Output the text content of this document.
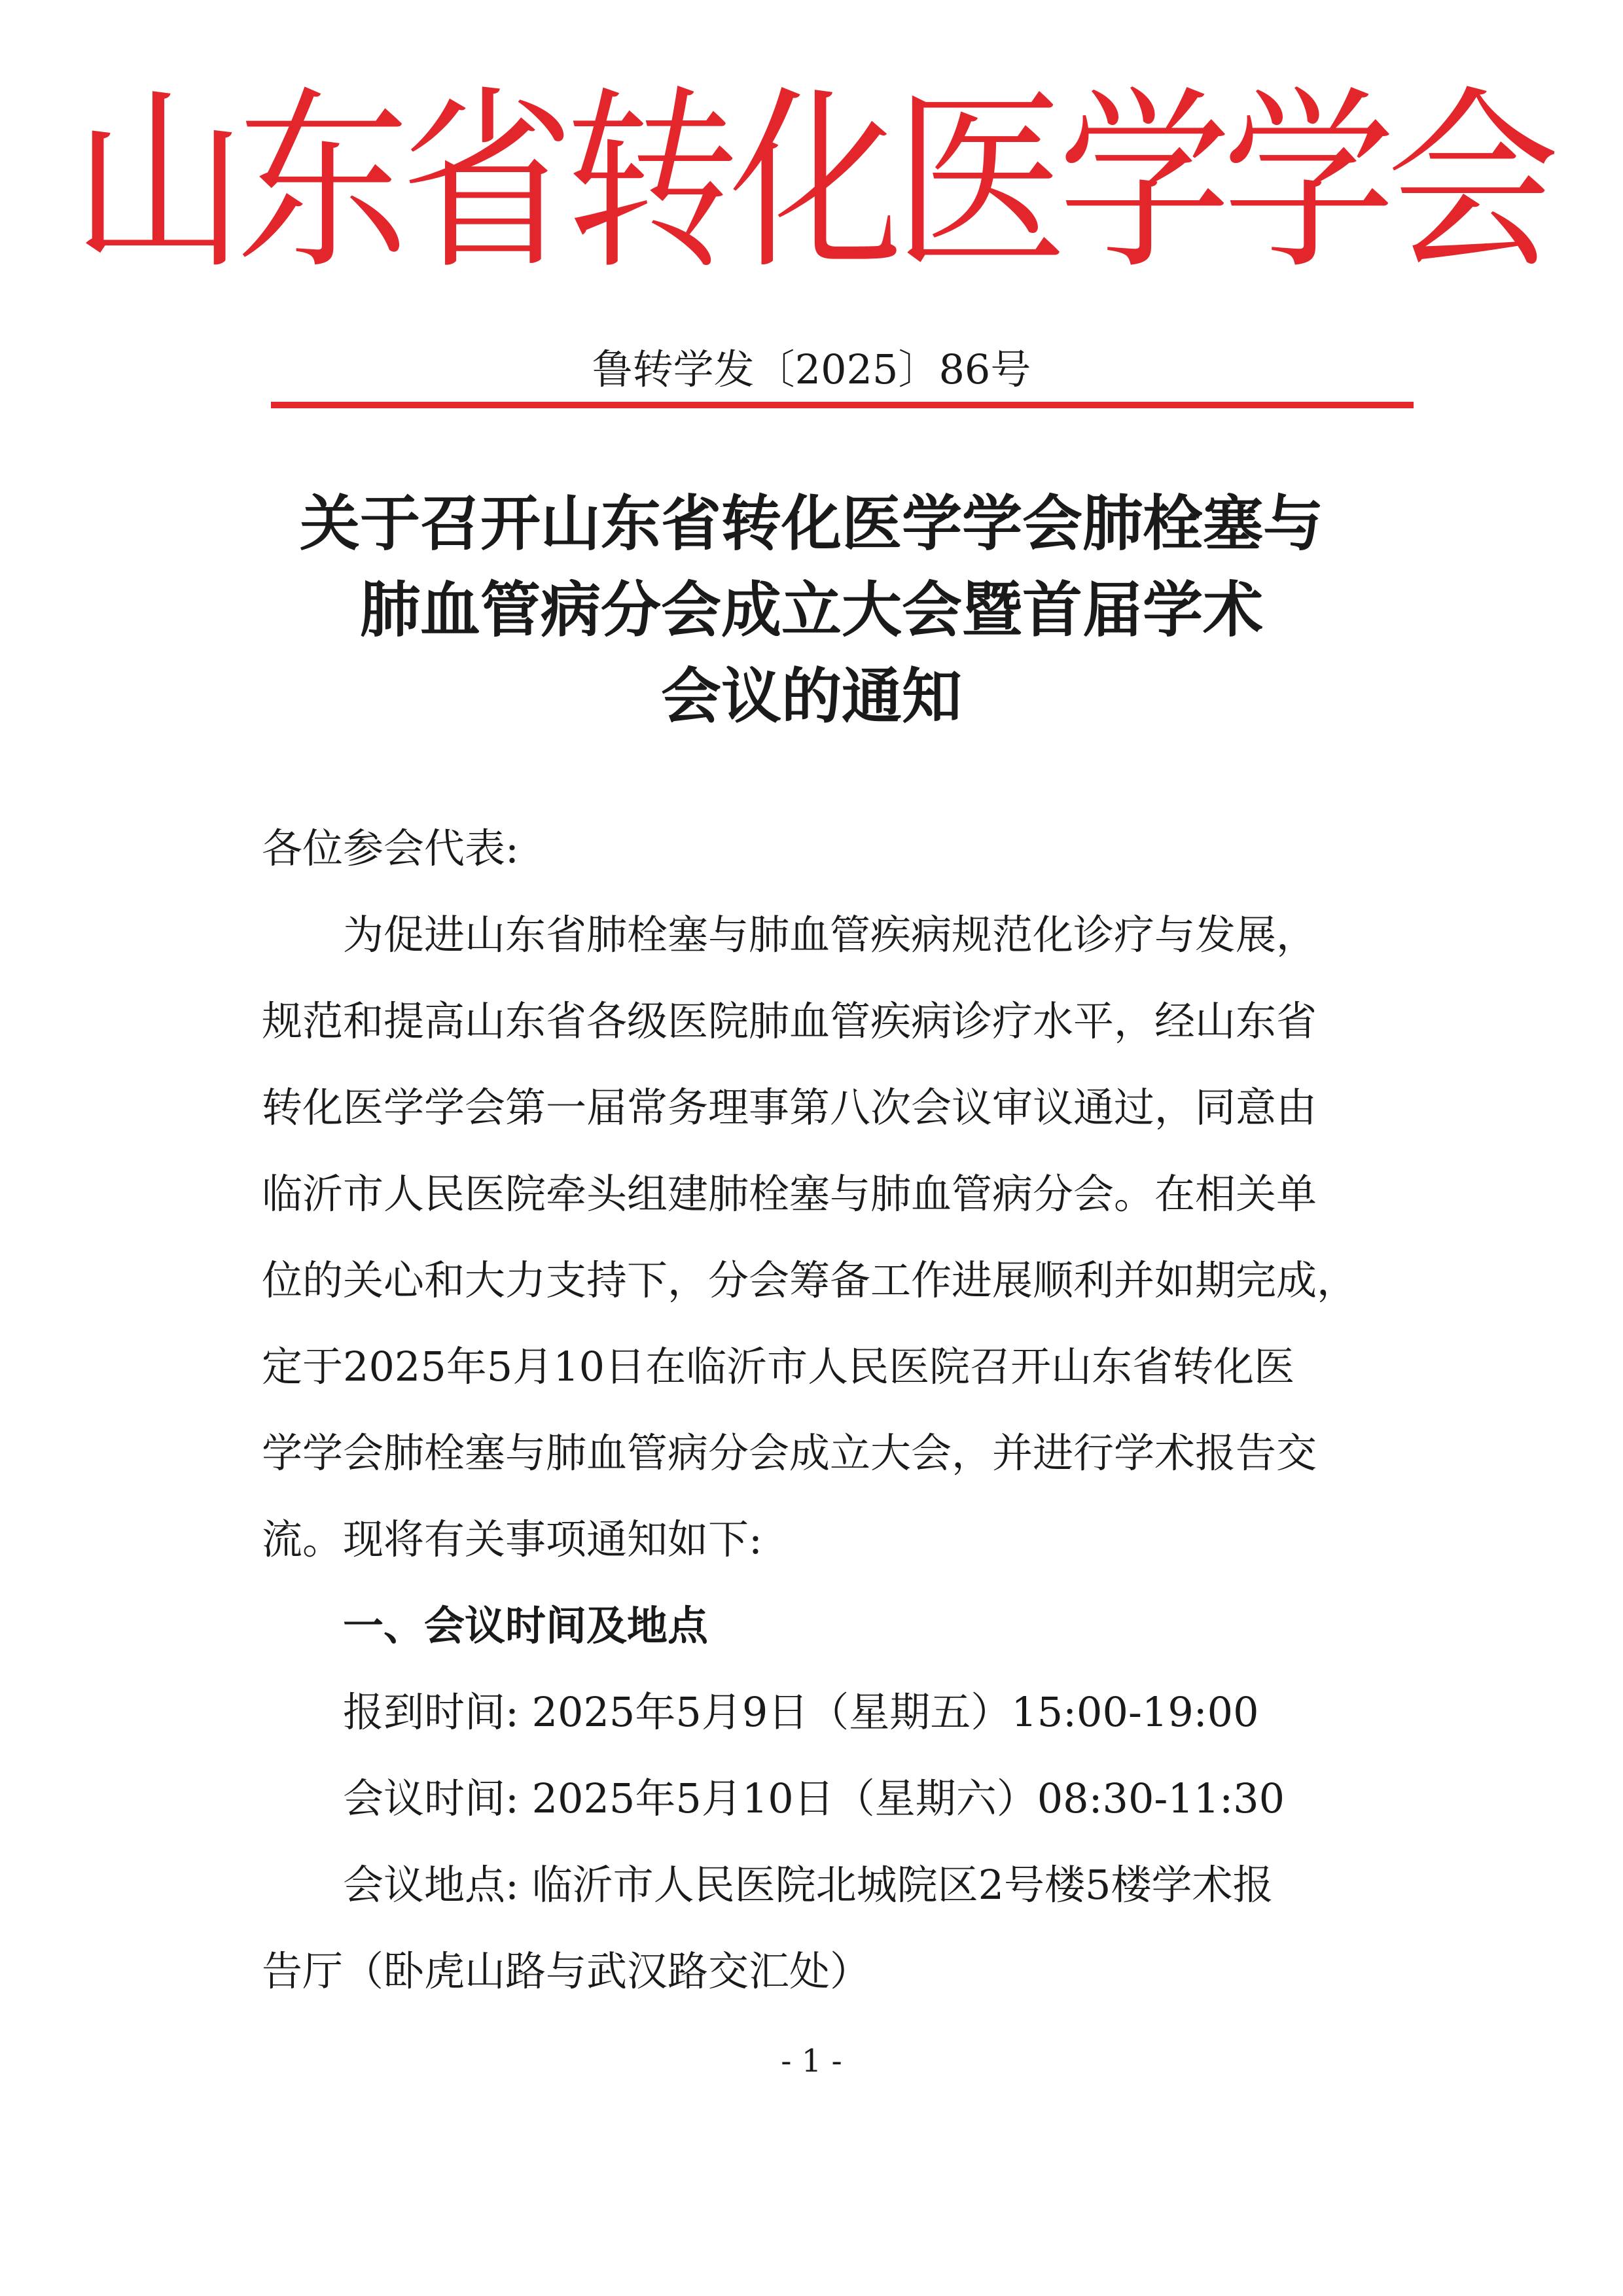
山东省转化医学学会
鲁转学发〔2025〕86号
关于召开山东省转化医学学会肺栓塞与
肺血管病分会成立大会暨首届学术
会议的通知
各位参会代表:
　　为促进山东省肺栓塞与肺血管疾病规范化诊疗与发展，
规范和提高山东省各级医院肺血管疾病诊疗水平，经山东省
转化医学学会第一届常务理事第八次会议审议通过，同意由
临沂市人民医院牵头组建肺栓塞与肺血管病分会。在相关单
位的关心和大力支持下，分会筹备工作进展顺利并如期完成，
定于2025年5月10日在临沂市人民医院召开山东省转化医
学学会肺栓塞与肺血管病分会成立大会，并进行学术报告交
流。现将有关事项通知如下:
　　一、会议时间及地点
　　报到时间: 2025年5月9日（星期五）15:00-19:00
　　会议时间: 2025年5月10日（星期六）08:30-11:30
　　会议地点: 临沂市人民医院北城院区2号楼5楼学术报
告厅（卧虎山路与武汉路交汇处）
- 1 -
